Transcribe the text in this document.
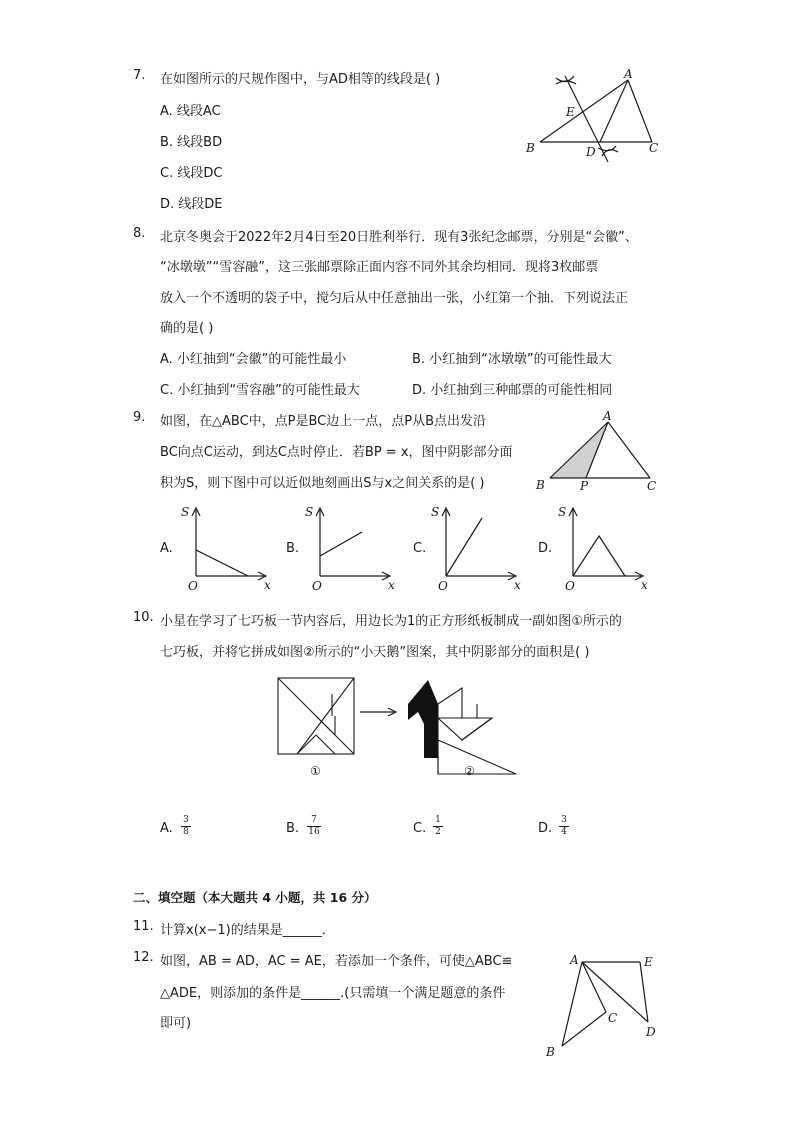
7. 在如图所示的尺规作图中，与AD相等的线段是( )
A. 线段AC
B. 线段BD
C. 线段DC
D. 线段DE
A
B	C
D
E
8. 北京冬奥会于2022年2月4日至20日胜利举行．现有3张纪念邮票，分别是“会徽”、
“冰墩墩”“雪容融”，这三张邮票除正面内容不同外其余均相同．现将3枚邮票
放入一个不透明的袋子中，搅匀后从中任意抽出一张，小红第一个抽．下列说法正
确的是( )
A. 小红抽到“会徽”的可能性最小	B. 小红抽到“冰墩墩”的可能性最大
C. 小红抽到“雪容融”的可能性最大	D. 小红抽到三种邮票的可能性相同
9. 如图，在△ABC中，点P是BC边上一点，点P从B点出发沿
BC向点C运动，到达C点时停止．若BP = x，图中阴影部分面
积为S，则下图中可以近似地刻画出S与x之间关系的是( )
A
B	P	C
A.
S
O	x
B.
S
O	x
C.
S
O	x
D.
S
O	x
10. 小星在学习了七巧板一节内容后，用边长为1的正方形纸板制成一副如图①所示的
七巧板，并将它拼成如图②所示的“小天鹅”图案，其中阴影部分的面积是( )
①	②
A.
3
8	B.
7
16	C.
1
2	D.
3
4
二、填空题（本大题共 4 小题，共 16 分）
11. 计算x(x−1)的结果是______．
12. 如图，AB = AD，AC = AE，若添加一个条件，可使△ABC≌
△ADE，则添加的条件是______.(只需填一个满足题意的条件
即可)
A	E
C
D
B
